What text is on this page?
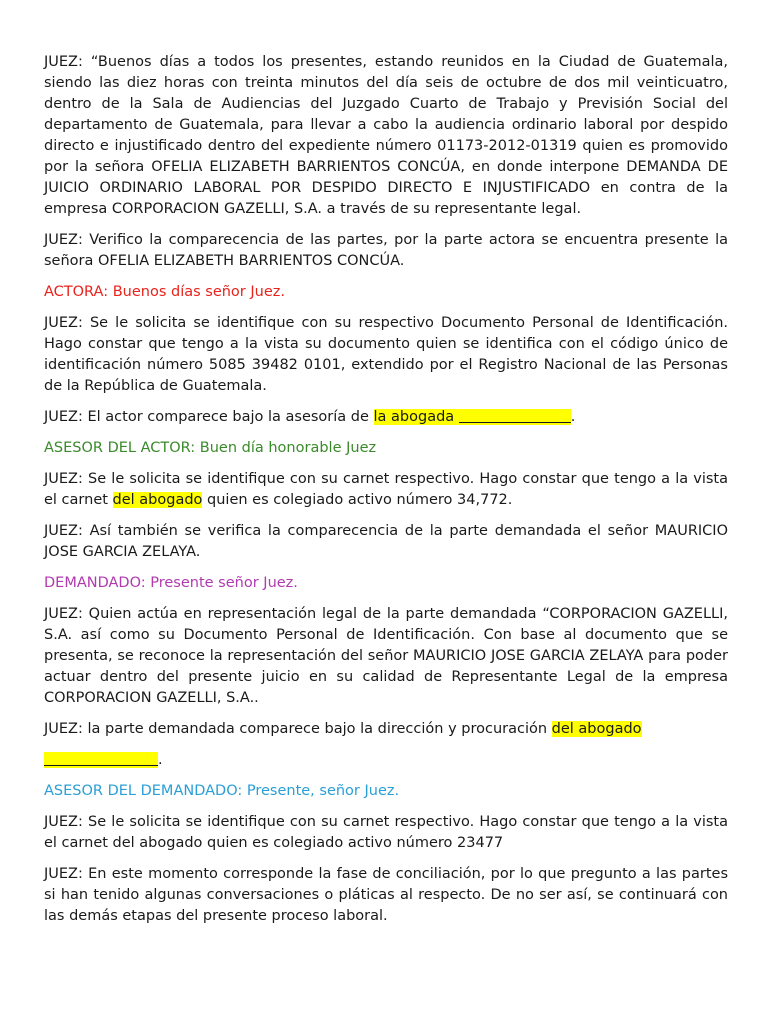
JUEZ: “Buenos días a todos los presentes, estando reunidos en la Ciudad de Guatemala, siendo las diez horas con treinta minutos del día seis de octubre de dos mil veinticuatro, dentro de la Sala de Audiencias del Juzgado Cuarto de Trabajo y Previsión Social del departamento de Guatemala, para llevar a cabo la audiencia ordinario laboral por despido directo e injustificado dentro del expediente número 01173-2012-01319 quien es promovido por la señora OFELIA ELIZABETH BARRIENTOS CONCÚA, en donde interpone DEMANDA DE JUICIO ORDINARIO LABORAL POR DESPIDO DIRECTO E INJUSTIFICADO en contra de la empresa CORPORACION GAZELLI, S.A. a través de su representante legal.

JUEZ: Verifico la comparecencia de las partes, por la parte actora se encuentra presente la señora OFELIA ELIZABETH BARRIENTOS CONCÚA.

ACTORA: Buenos días señor Juez.

JUEZ: Se le solicita se identifique con su respectivo Documento Personal de Identificación. Hago constar que tengo a la vista su documento quien se identifica con el código único de identificación número 5085 39482 0101, extendido por el Registro Nacional de las Personas de la República de Guatemala.

JUEZ: El actor comparece bajo la asesoría de la abogada	.

ASESOR DEL ACTOR: Buen día honorable Juez

JUEZ: Se le solicita se identifique con su carnet respectivo. Hago constar que tengo a la vista el carnet del abogado quien es colegiado activo número 34,772.

JUEZ: Así también se verifica la comparecencia de la parte demandada el señor MAURICIO JOSE GARCIA ZELAYA.

DEMANDADO: Presente señor Juez.

JUEZ: Quien actúa en representación legal de la parte demandada “CORPORACION GAZELLI, S.A. así como su Documento Personal de Identificación. Con base al documento que se presenta, se reconoce la representación del señor MAURICIO JOSE GARCIA ZELAYA para poder actuar dentro del presente juicio en su calidad de Representante Legal de la empresa CORPORACION GAZELLI, S.A..

JUEZ: la parte demandada comparece bajo la dirección y procuración del abogado

.

ASESOR DEL DEMANDADO: Presente, señor Juez.

JUEZ: Se le solicita se identifique con su carnet respectivo. Hago constar que tengo a la vista el carnet del abogado quien es colegiado activo número 23477

JUEZ: En este momento corresponde la fase de conciliación, por lo que pregunto a las partes si han tenido algunas conversaciones o pláticas al respecto. De no ser así, se continuará con las demás etapas del presente proceso laboral.
